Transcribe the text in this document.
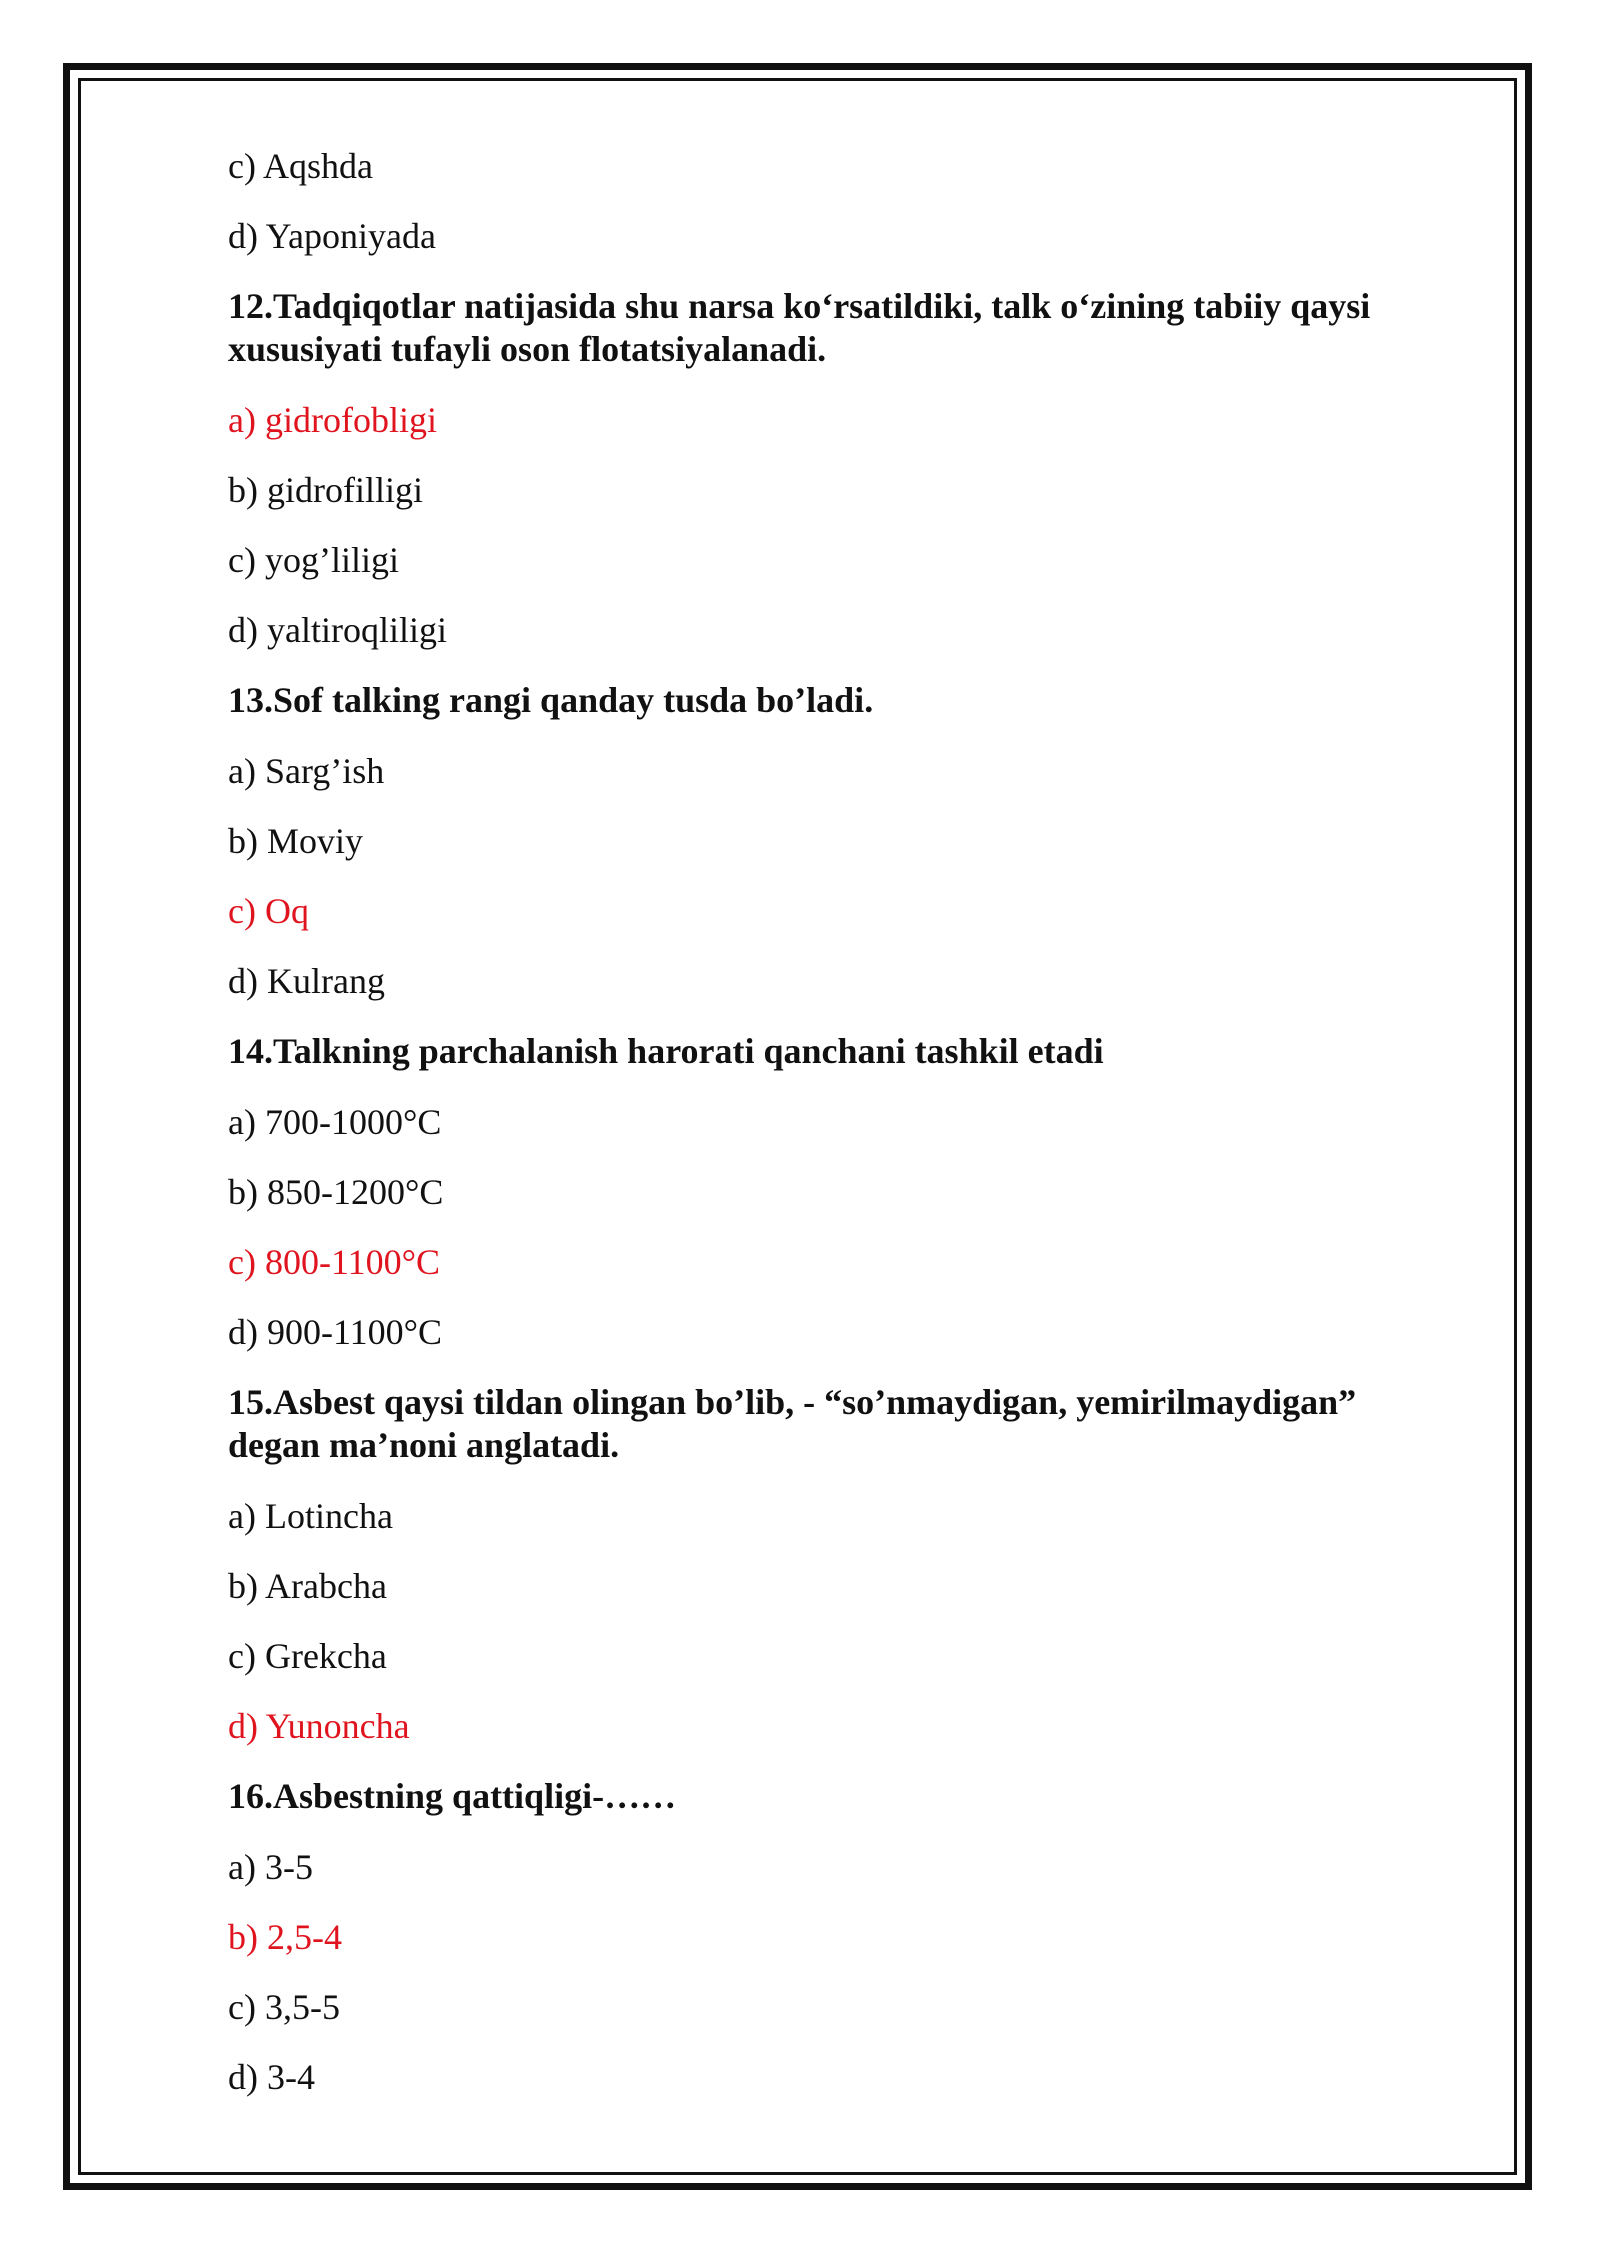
c) Aqshda
d) Yaponiyada
12.Tadqiqotlar natijasida shu narsa ko‘rsatildiki, talk o‘zining tabiiy qaysi xususiyati tufayli oson flotatsiyalanadi.
a) gidrofobligi
b) gidrofilligi
c) yog’liligi
d) yaltiroqliligi
13.Sof talking rangi qanday tusda bo’ladi.
a) Sarg’ish
b) Moviy
c) Oq
d) Kulrang
14.Talkning parchalanish harorati qanchani tashkil etadi
a) 700-1000°C
b) 850-1200°C
c) 800-1100°C
d) 900-1100°C
15.Asbest qaysi tildan olingan bo’lib, - “so’nmaydigan, yemirilmaydigan” degan ma’noni anglatadi.
a) Lotincha
b) Arabcha
c) Grekcha
d) Yunoncha
16.Asbestning qattiqligi-……
a) 3-5
b) 2,5-4
c) 3,5-5
d) 3-4
